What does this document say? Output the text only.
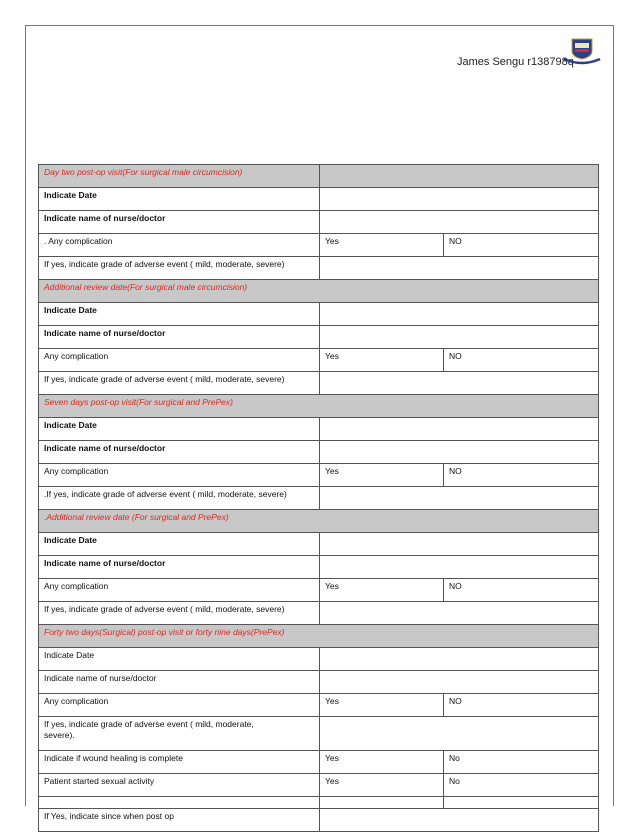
James Sengu r138798q
Day two post-op visit(For surgical male circumcision)		

Indicate Date		

Indicate name of nurse/doctor		

. Any complication	Yes	NO

If yes, indicate grade of adverse event ( mild, moderate, severe)		

Additional review date(For surgical male circumcision)		

Indicate Date		

Indicate name of nurse/doctor		

Any complication	Yes	NO

If yes, indicate grade of adverse event ( mild, moderate, severe)		

Seven days post-op visit(For surgical and PrePex)		

Indicate Date		

Indicate name of nurse/doctor		

Any complication	Yes	NO

.If yes, indicate grade of adverse event ( mild, moderate, severe)		

.Additional review date (For surgical and PrePex)		

Indicate Date		

Indicate name of nurse/doctor		

Any complication	Yes	NO

If yes, indicate grade of adverse event ( mild, moderate, severe)		

Forty two days(Surgical) post-op visit or forty nine days(PrePex)		

Indicate Date		

Indicate name of nurse/doctor		

Any complication	Yes	NO

If yes, indicate grade of adverse event ( mild, moderate, severe).		

Indicate if wound healing is complete	Yes	No

Patient started sexual activity	Yes	No

If Yes, indicate since when post op		
